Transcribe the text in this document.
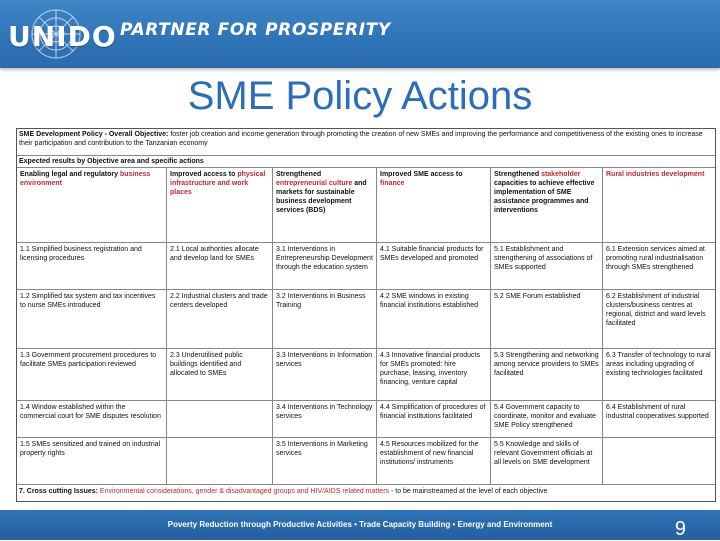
UNIDO PARTNER FOR PROSPERITY
SME Policy Actions
SME Development Policy - Overall Objective: foster job creation and income generation through promoting the creation of new SMEs and improving the performance and competitiveness of the existing ones to increase their participation and contribution to the Tanzanian economy
Expected results by Objective area and specific actions
Enabling legal and regulatory business environment
Improved access to physical infrastructure and work places
Strengthened entrepreneurial culture and markets for sustainable business development services (BDS)
Improved SME access to finance
Strengthened stakeholder capacities to achieve effective implementation of SME assistance programmes and interventions
Rural industries development
1.1 Simplified business registration and licensing procedures
2.1 Local authorities allocate and develop land for SMEs
3.1 Interventions in Entrepreneurship Development through the education system
4.1 Suitable financial products for SMEs developed and promoted
5.1 Establishment and strengthening of associations of SMEs supported
6.1 Extension services aimed at promoting rural industrialisation through SMEs strengthened
1.2 Simplified tax system and tax incentives to nurse SMEs introduced
2.2 Industrial clusters and trade centers developed
3.2 Interventions in Business Training
4.2 SME windows in existing financial institutions established
5.2 SME Forum established	6.2 Establishment of industrial clusters/business centres at regional, district and ward levels facilitated
1.3 Government procurement procedures to facilitate SMEs participation reviewed
2.3 Underutilised public buildings identified and allocated to SMEs
3.3 Interventions in Information services
4.3 Innovative financial products for SMEs promoted: hire purchase, leasing, inventory financing, venture capital
5.3 Strengthening and networking among service providers to SMEs facilitated
6.3 Transfer of technology to rural areas including upgrading of existing technologies facilitated
1.4 Window established within the commercial court for SME disputes resolution
3.4 Interventions in Technology services
4.4 Simplification of procedures of financial institutions facilitated
5.4 Government capacity to coordinate, monitor and evaluate SME Policy strengthened
6.4 Establishment of rural industrial cooperatives supported
1.5 SMEs sensitized and trained on industrial property rights
3.5 Interventions in Marketing services
4.5 Resources mobilized for the establishment of new financial institutions/ instruments
5.5 Knowledge and skills of relevant Government officials at all levels on SME development
7. Cross cutting Issues: Environmental considerations, gender & disadvantaged groups and HIV/AIDS related matters - to be mainstreamed at the level of each objective
Poverty Reduction through Productive Activities • Trade Capacity Building • Energy and Environment	9
